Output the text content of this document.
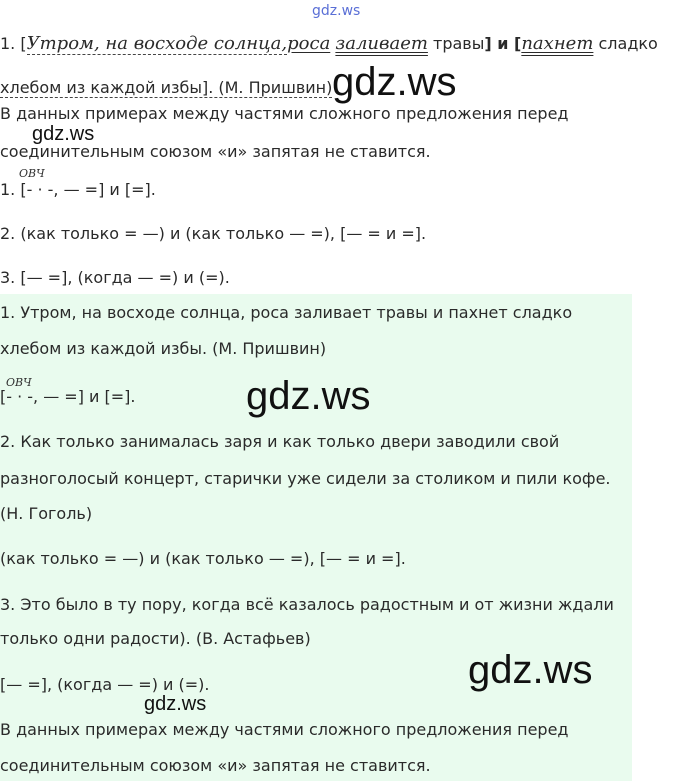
gdz.ws
1. [Утром, на восходе солнца,роса заливает травы] и [пахнет сладко
хлебом из каждой избы]. (М. Пришвин) gdz.ws
В данных примерах между частями сложного предложения перед
gdz.ws
соединительным союзом «и» запятая не ставится.
ОВЧ
1. [- · -, — =] и [=].
2. (как только = —) и (как только — =), [— = и =].
3. [— =], (когда — =) и (=).
1. Утром, на восходе солнца, роса заливает травы и пахнет сладко
хлебом из каждой избы. (М. Пришвин)
ОВЧ
[- · -, — =] и [=].	gdz.ws
2. Как только занималась заря и как только двери заводили свой
разноголосый концерт, старички уже сидели за столиком и пили кофе.
(Н. Гоголь)
(как только = —) и (как только — =), [— = и =].
3. Это было в ту пору, когда всё казалось радостным и от жизни ждали
только одни радости). (В. Астафьев)
[— =], (когда — =) и (=).	gdz.ws
gdz.ws
В данных примерах между частями сложного предложения перед
соединительным союзом «и» запятая не ставится.
